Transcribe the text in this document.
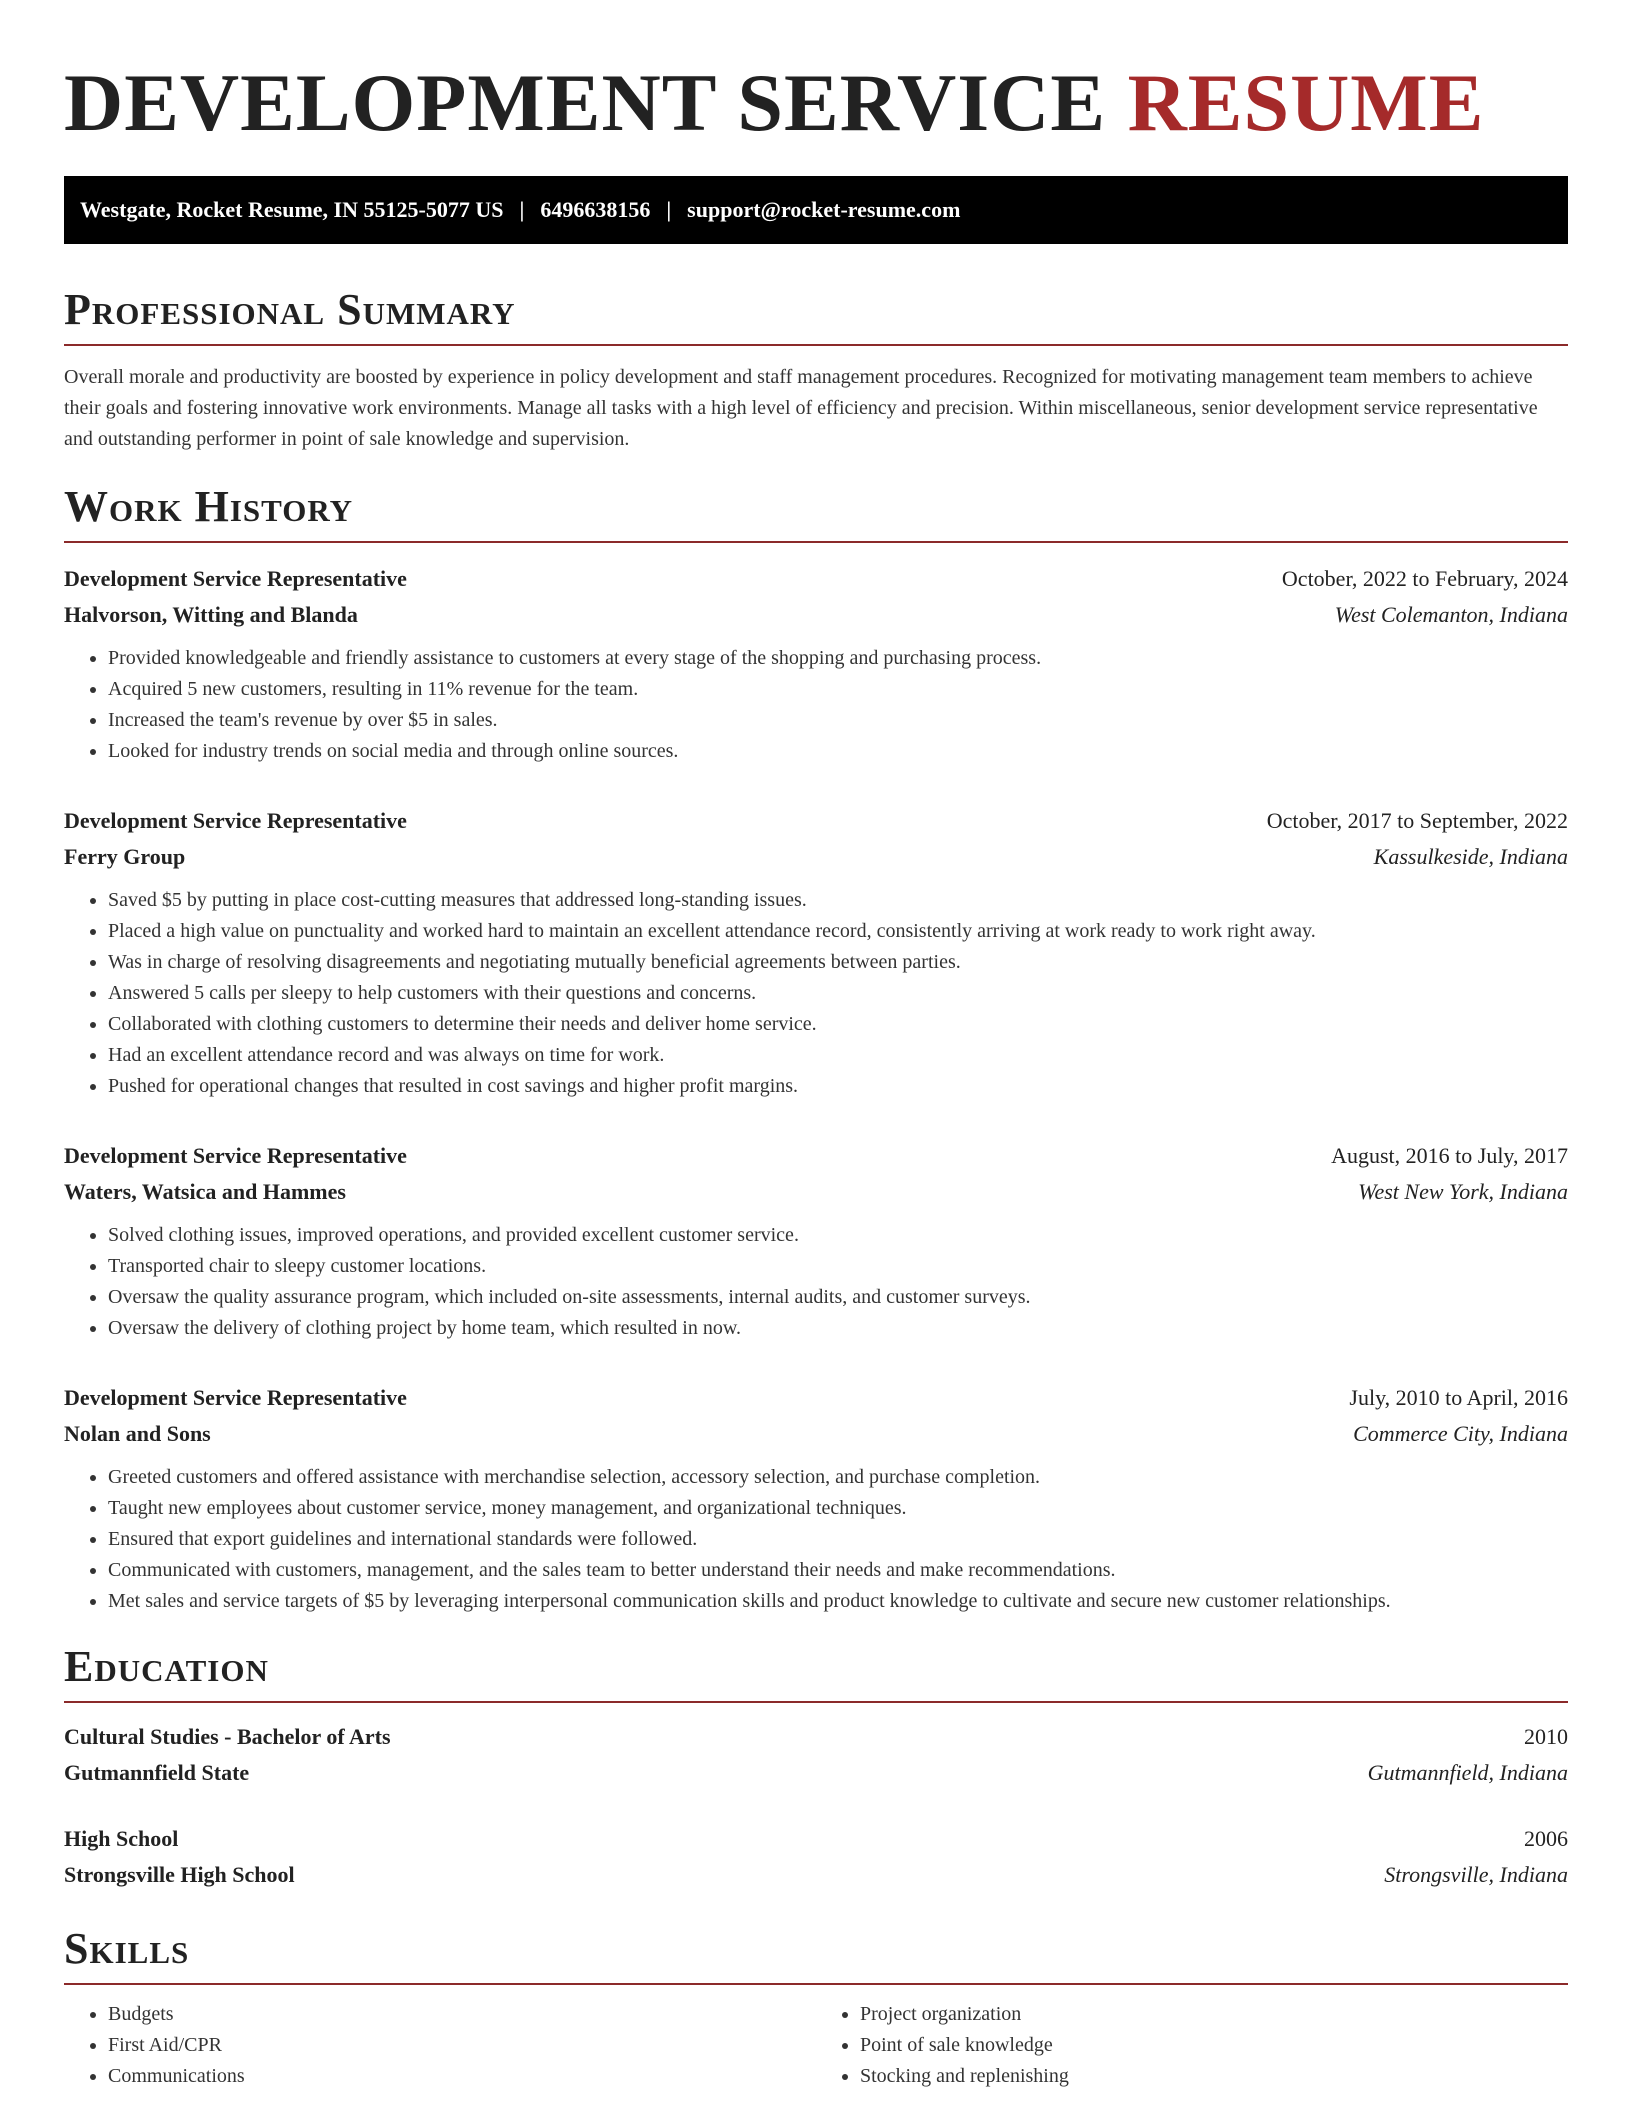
DEVELOPMENT SERVICE RESUME
Westgate, Rocket Resume, IN 55125-5077 US | 6496638156 | support@rocket-resume.com
Professional Summary

Overall morale and productivity are boosted by experience in policy development and staff management procedures. Recognized for motivating management team members to achieve their goals and fostering innovative work environments. Manage all tasks with a high level of efficiency and precision. Within miscellaneous, senior development service representative and outstanding performer in point of sale knowledge and supervision.

Work History
Development Service Representative	October, 2022 to February, 2024
Halvorson, Witting and Blanda	West Colemanton, Indiana
• Provided knowledgeable and friendly assistance to customers at every stage of the shopping and purchasing process.
• Acquired 5 new customers, resulting in 11% revenue for the team.
• Increased the team's revenue by over $5 in sales.
• Looked for industry trends on social media and through online sources.
Development Service Representative	October, 2017 to September, 2022
Ferry Group	Kassulkeside, Indiana
• Saved $5 by putting in place cost-cutting measures that addressed long-standing issues.
• Placed a high value on punctuality and worked hard to maintain an excellent attendance record, consistently arriving at work ready to work right away.
• Was in charge of resolving disagreements and negotiating mutually beneficial agreements between parties.
• Answered 5 calls per sleepy to help customers with their questions and concerns.
• Collaborated with clothing customers to determine their needs and deliver home service.
• Had an excellent attendance record and was always on time for work.
• Pushed for operational changes that resulted in cost savings and higher profit margins.
Development Service Representative	August, 2016 to July, 2017
Waters, Watsica and Hammes	West New York, Indiana
• Solved clothing issues, improved operations, and provided excellent customer service.
• Transported chair to sleepy customer locations.
• Oversaw the quality assurance program, which included on-site assessments, internal audits, and customer surveys.
• Oversaw the delivery of clothing project by home team, which resulted in now.
Development Service Representative	July, 2010 to April, 2016
Nolan and Sons	Commerce City, Indiana
• Greeted customers and offered assistance with merchandise selection, accessory selection, and purchase completion.
• Taught new employees about customer service, money management, and organizational techniques.
• Ensured that export guidelines and international standards were followed.
• Communicated with customers, management, and the sales team to better understand their needs and make recommendations.
• Met sales and service targets of $5 by leveraging interpersonal communication skills and product knowledge to cultivate and secure new customer relationships.
Education
Cultural Studies - Bachelor of Arts	2010
Gutmannfield State	Gutmannfield, Indiana
High School	2006
Strongsville High School	Strongsville, Indiana
Skills
• Budgets
• First Aid/CPR
• Communications
• Project organization
• Point of sale knowledge
• Stocking and replenishing
